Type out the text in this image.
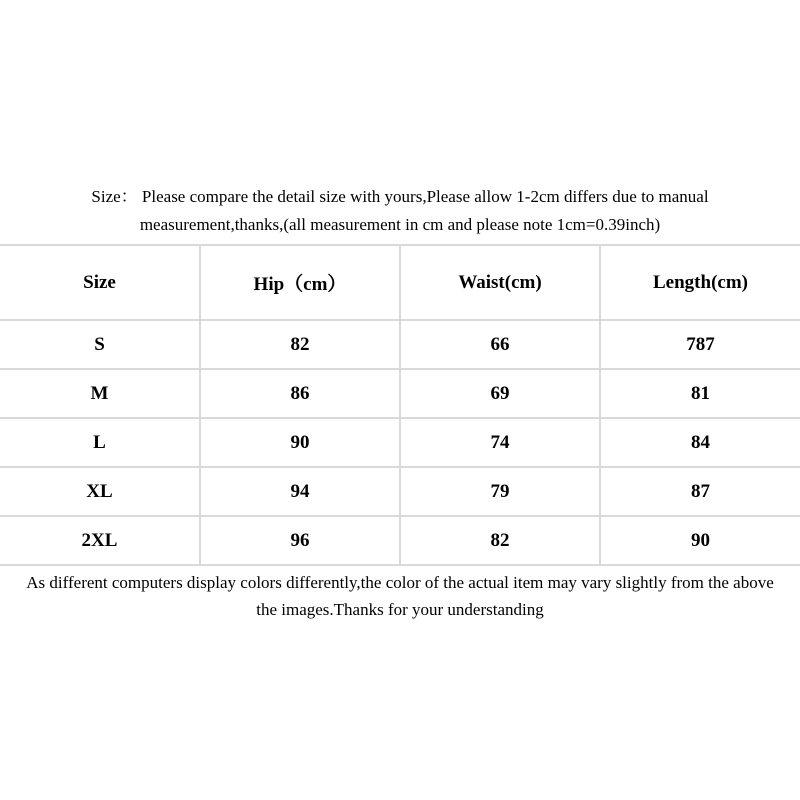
Size： Please compare the detail size with yours,Please allow 1-2cm differs due to manual
measurement,thanks,(all measurement in cm and please note 1cm=0.39inch)
Size	Hip（cm）	Waist(cm)	Length(cm)
S	82	66	787
M	86	69	81
L	90	74	84
XL	94	79	87
2XL	96	82	90
As different computers display colors differently,the color of the actual item may vary slightly from the above
the images.Thanks for your understanding
